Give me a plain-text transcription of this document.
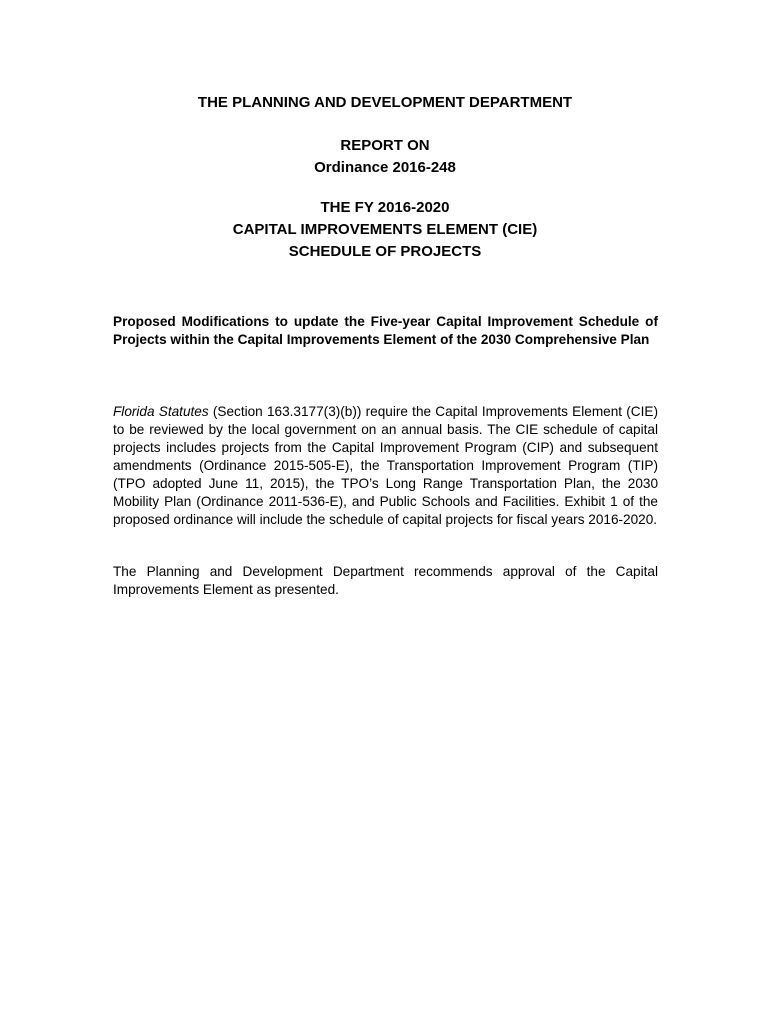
THE PLANNING AND DEVELOPMENT DEPARTMENT
REPORT ON
Ordinance 2016-248
THE FY 2016-2020
CAPITAL IMPROVEMENTS ELEMENT (CIE)
SCHEDULE OF PROJECTS

Proposed Modifications to update the Five-year Capital Improvement Schedule of Projects within the Capital Improvements Element of the 2030 Comprehensive Plan

Florida Statutes (Section 163.3177(3)(b)) require the Capital Improvements Element (CIE) to be reviewed by the local government on an annual basis. The CIE schedule of capital projects includes projects from the Capital Improvement Program (CIP) and subsequent amendments (Ordinance 2015-505-E), the Transportation Improvement Program (TIP)(TPO adopted June 11, 2015), the TPO’s Long Range Transportation Plan, the 2030 Mobility Plan (Ordinance 2011-536-E), and Public Schools and Facilities. Exhibit 1 of the proposed ordinance will include the schedule of capital projects for fiscal years 2016-2020.

The Planning and Development Department recommends approval of the Capital Improvements Element as presented.
